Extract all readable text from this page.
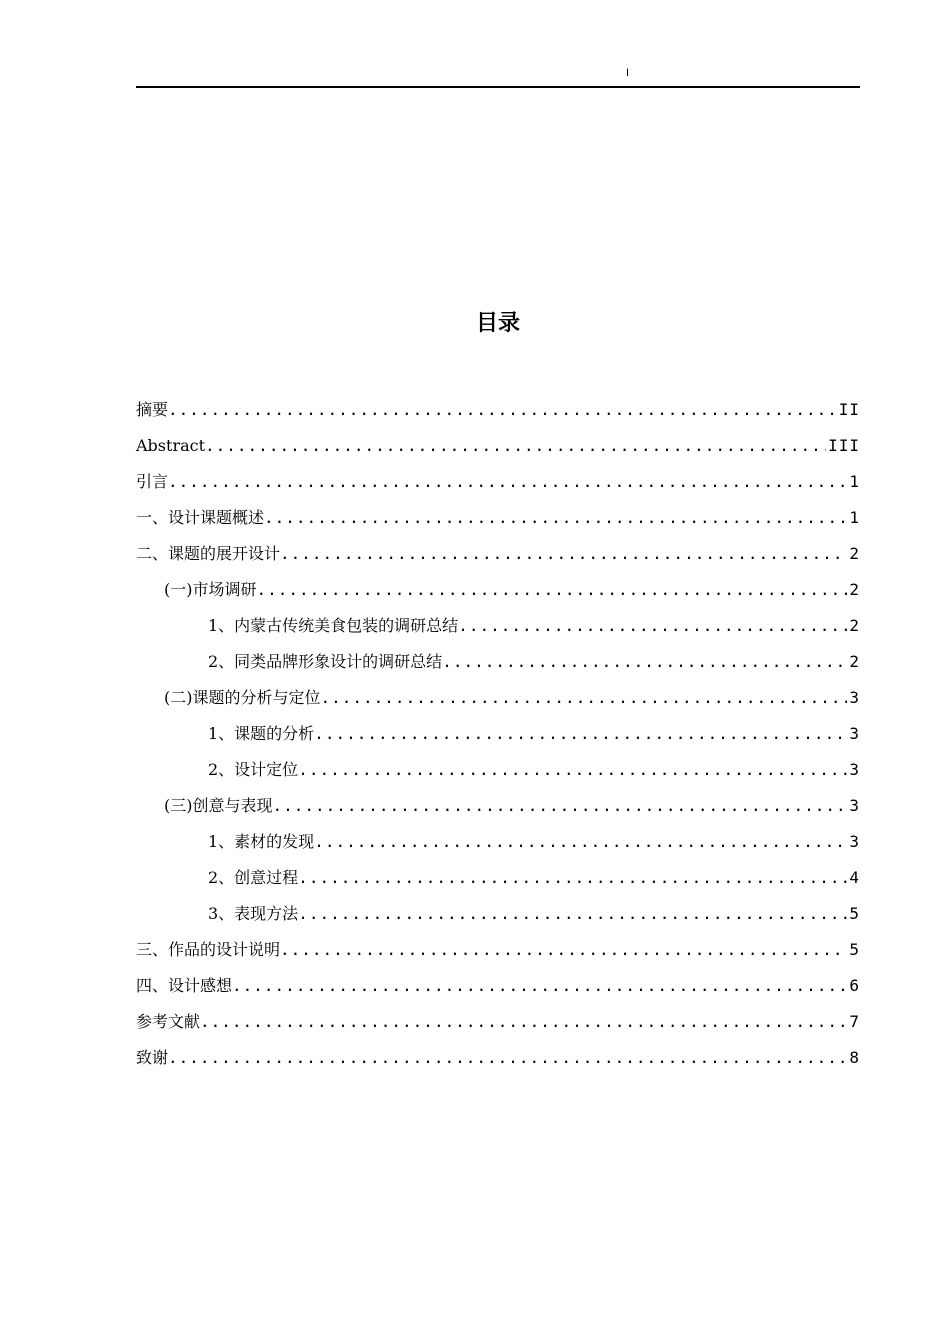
I
目录
摘要 .....	II
Abstract .....	III
引言 .....	1
一、设计课题概述 .....	1
二、课题的展开设计 .....	2
(一)市场调研 .....	2
1、内蒙古传统美食包装的调研总结 .....	2
2、同类品牌形象设计的调研总结 .....	2
(二)课题的分析与定位 .....	3
1、课题的分析 .....	3
2、设计定位 .....	3
(三)创意与表现 .....	3
1、素材的发现 .....	3
2、创意过程 .....	4
3、表现方法 .....	5
三、作品的设计说明 .....	5
四、设计感想 .....	6
参考文献 .....	7
致谢 .....	8
